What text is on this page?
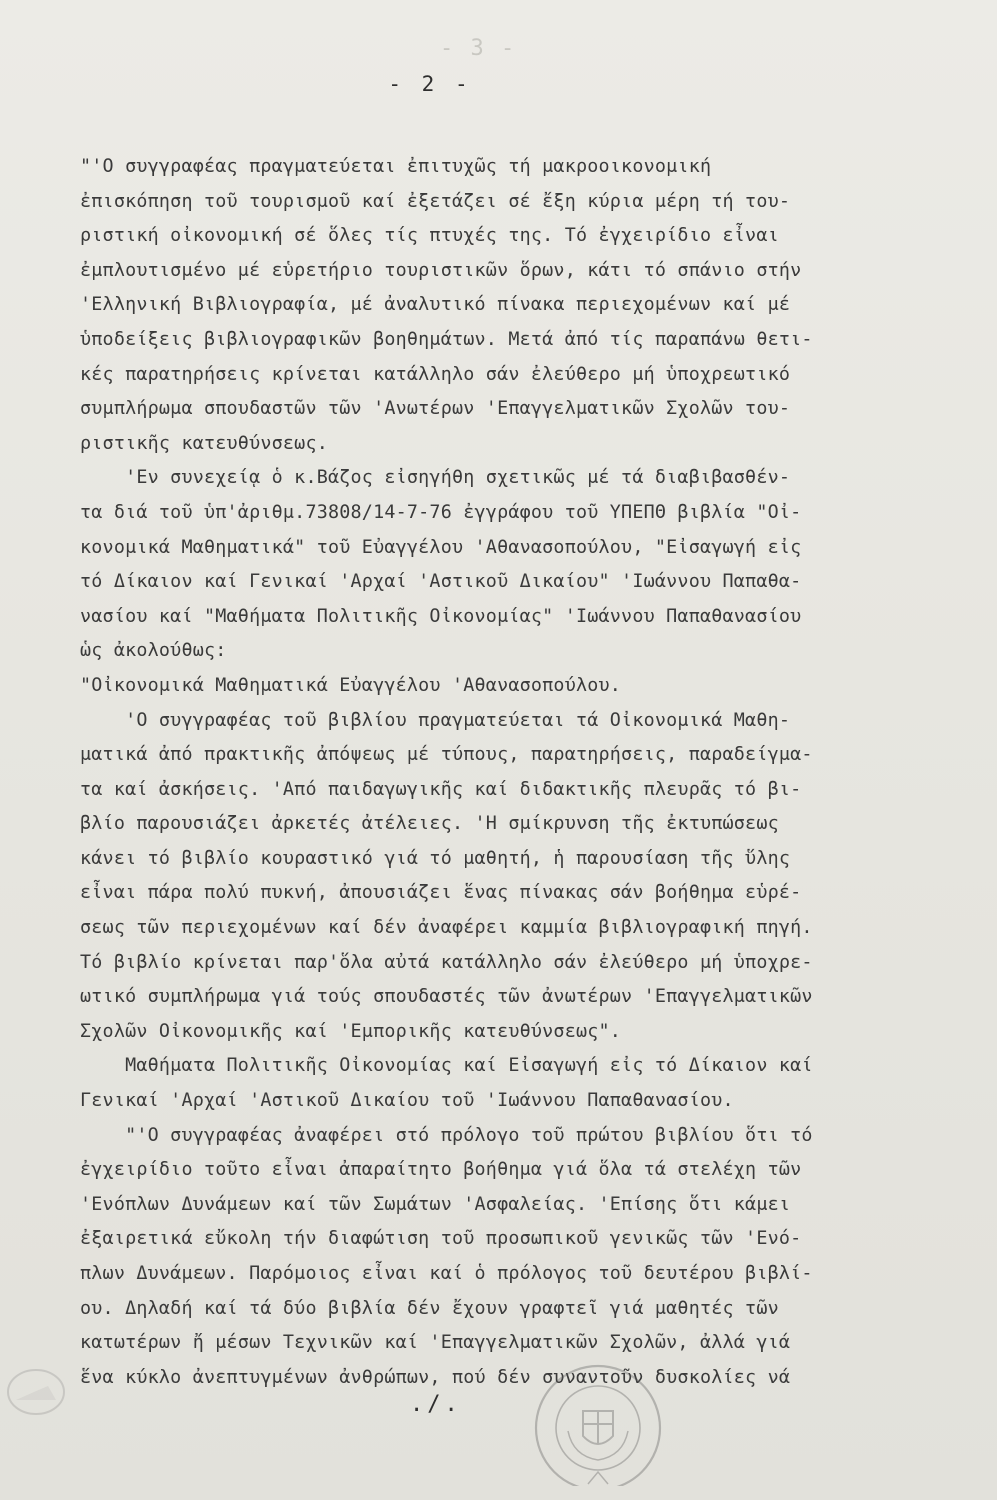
- 3 -
- 2 -
"'Ο συγγραφέας πραγματεύεται ἐπιτυχῶς τή μακροοικονομική
ἐπισκόπηση τοῦ τουρισμοῦ καί ἐξετάζει σέ ἔξη κύρια μέρη τή του-
ριστική οἰκονομική σέ ὅλες τίς πτυχές της. Τό ἐγχειρίδιο εἶναι
ἐμπλουτισμένο μέ εὑρετήριο τουριστικῶν ὅρων, κάτι τό σπάνιο στήν
'Ελληνική Βιβλιογραφία, μέ ἀναλυτικό πίνακα περιεχομένων καί μέ
ὑποδείξεις βιβλιογραφικῶν βοηθημάτων. Μετά ἀπό τίς παραπάνω θετι-
κές παρατηρήσεις κρίνεται κατάλληλο σάν ἐλεύθερο μή ὑποχρεωτικό
συμπλήρωμα σπουδαστῶν τῶν 'Ανωτέρων 'Επαγγελματικῶν Σχολῶν του-
ριστικῆς κατευθύνσεως.
'Εν συνεχείᾳ ὁ κ.Βάζος εἰσηγήθη σχετικῶς μέ τά διαβιβασθέν-
τα διά τοῦ ὑπ'ἀριθμ.73808/14-7-76 ἐγγράφου τοῦ ΥΠΕΠΘ βιβλία "Οἰ-
κονομικά Μαθηματικά" τοῦ Εὐαγγέλου 'Αθανασοπούλου, "Εἰσαγωγή εἰς
τό Δίκαιον καί Γενικαί 'Αρχαί 'Αστικοῦ Δικαίου" 'Ιωάννου Παπαθα-
νασίου καί "Μαθήματα Πολιτικῆς Οἰκονομίας" 'Ιωάννου Παπαθανασίου
ὡς ἀκολούθως:
"Οἰκονομικά Μαθηματικά Εὐαγγέλου 'Αθανασοπούλου.
'Ο συγγραφέας τοῦ βιβλίου πραγματεύεται τά Οἰκονομικά Μαθη-
ματικά ἀπό πρακτικῆς ἀπόψεως μέ τύπους, παρατηρήσεις, παραδείγμα-
τα καί ἀσκήσεις. 'Από παιδαγωγικῆς καί διδακτικῆς πλευρᾶς τό βι-
βλίο παρουσιάζει ἀρκετές ἀτέλειες. 'Η σμίκρυνση τῆς ἐκτυπώσεως
κάνει τό βιβλίο κουραστικό γιά τό μαθητή, ἡ παρουσίαση τῆς ὕλης
εἶναι πάρα πολύ πυκνή, ἀπουσιάζει ἕνας πίνακας σάν βοήθημα εὑρέ-
σεως τῶν περιεχομένων καί δέν ἀναφέρει καμμία βιβλιογραφική πηγή.
Τό βιβλίο κρίνεται παρ'ὅλα αὐτά κατάλληλο σάν ἐλεύθερο μή ὑποχρε-
ωτικό συμπλήρωμα γιά τούς σπουδαστές τῶν ἀνωτέρων 'Επαγγελματικῶν
Σχολῶν Οἰκονομικῆς καί 'Εμπορικῆς κατευθύνσεως".
Μαθήματα Πολιτικῆς Οἰκονομίας καί Εἰσαγωγή εἰς τό Δίκαιον καί
Γενικαί 'Αρχαί 'Αστικοῦ Δικαίου τοῦ 'Ιωάννου Παπαθανασίου.
"'Ο συγγραφέας ἀναφέρει στό πρόλογο τοῦ πρώτου βιβλίου ὅτι τό
ἐγχειρίδιο τοῦτο εἶναι ἀπαραίτητο βοήθημα γιά ὅλα τά στελέχη τῶν
'Ενόπλων Δυνάμεων καί τῶν Σωμάτων 'Ασφαλείας. 'Επίσης ὅτι κάμει
ἐξαιρετικά εὔκολη τήν διαφώτιση τοῦ προσωπικοῦ γενικῶς τῶν 'Ενό-
πλων Δυνάμεων. Παρόμοιος εἶναι καί ὁ πρόλογος τοῦ δευτέρου βιβλί-
ου. Δηλαδή καί τά δύο βιβλία δέν ἔχουν γραφτεῖ γιά μαθητές τῶν
κατωτέρων ἤ μέσων Τεχνικῶν καί 'Επαγγελματικῶν Σχολῶν, ἀλλά γιά
ἕνα κύκλο ἀνεπτυγμένων ἀνθρώπων, πού δέν συναντοῦν δυσκολίες νά
./.
